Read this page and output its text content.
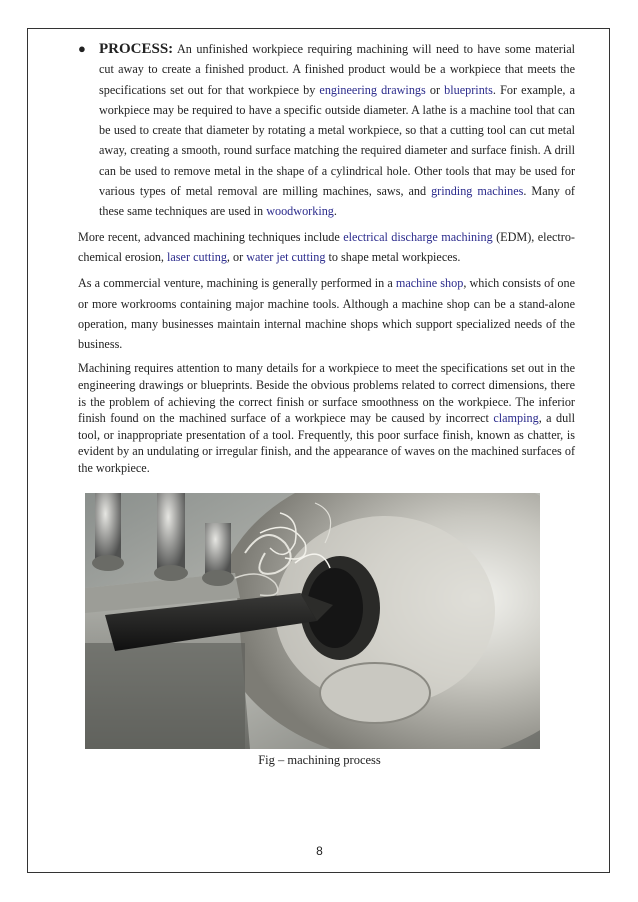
● PROCESS: An unfinished workpiece requiring machining will need to have some material cut away to create a finished product. A finished product would be a workpiece that meets the specifications set out for that workpiece by engineering drawings or blueprints. For example, a workpiece may be required to have a specific outside diameter. A lathe is a machine tool that can be used to create that diameter by rotating a metal workpiece, so that a cutting tool can cut metal away, creating a smooth, round surface matching the required diameter and surface finish. A drill can be used to remove metal in the shape of a cylindrical hole. Other tools that may be used for various types of metal removal are milling machines, saws, and grinding machines. Many of these same techniques are used in woodworking.

More recent, advanced machining techniques include electrical discharge machining (EDM), electro-chemical erosion, laser cutting, or water jet cutting to shape metal workpieces.

As a commercial venture, machining is generally performed in a machine shop, which consists of one or more workrooms containing major machine tools. Although a machine shop can be a stand-alone operation, many businesses maintain internal machine shops which support specialized needs of the business.

Machining requires attention to many details for a workpiece to meet the specifications set out in the engineering drawings or blueprints. Beside the obvious problems related to correct dimensions, there is the problem of achieving the correct finish or surface smoothness on the workpiece. The inferior finish found on the machined surface of a workpiece may be caused by incorrect clamping, a dull tool, or inappropriate presentation of a tool. Frequently, this poor surface finish, known as chatter, is evident by an undulating or irregular finish, and the appearance of waves on the machined surfaces of the workpiece.

Fig – machining process
8
